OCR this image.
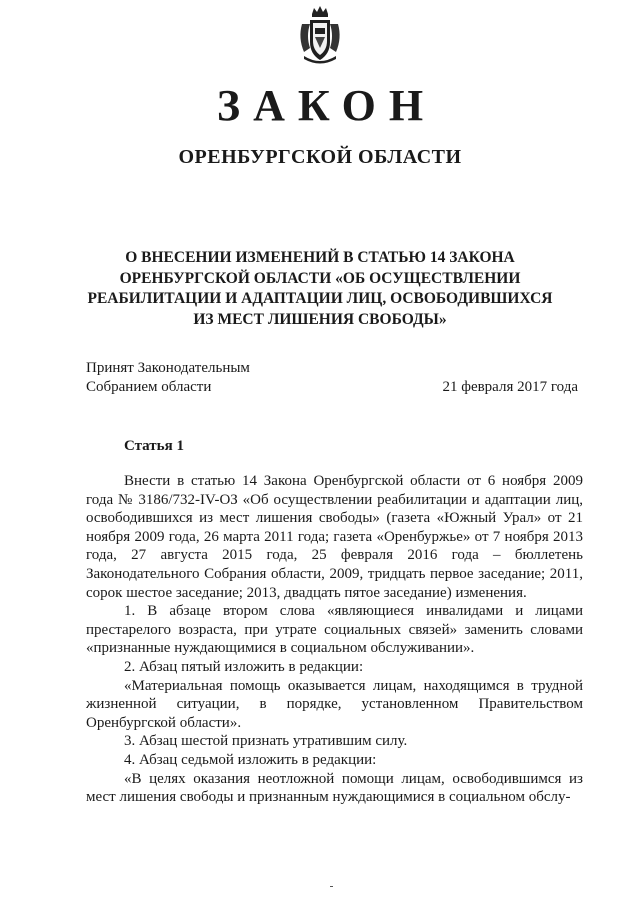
ЗАКОН
ОРЕНБУРГСКОЙ ОБЛАСТИ
О ВНЕСЕНИИ ИЗМЕНЕНИЙ В СТАТЬЮ 14 ЗАКОНА
ОРЕНБУРГСКОЙ ОБЛАСТИ «ОБ ОСУЩЕСТВЛЕНИИ
РЕАБИЛИТАЦИИ И АДАПТАЦИИ ЛИЦ, ОСВОБОДИВШИХСЯ
ИЗ МЕСТ ЛИШЕНИЯ СВОБОДЫ»
Принят Законодательным
Собранием области	21 февраля 2017 года
Статья 1

Внести в статью 14 Закона Оренбургской области от 6 ноября 2009 года № 3186/732-IV-ОЗ «Об осуществлении реабилитации и адаптации лиц, освободившихся из мест лишения свободы» (газета «Южный Урал» от 21 ноября 2009 года, 26 марта 2011 года; газета «Оренбуржье» от 7 ноября 2013 года, 27 августа 2015 года, 25 февраля 2016 года – бюллетень Законодательного Собрания области, 2009, тридцать первое заседание; 2011, сорок шестое заседание; 2013, двадцать пятое заседание) изменения.

1. В абзаце втором слова «являющиеся инвалидами и лицами престарелого возраста, при утрате социальных связей» заменить словами «признанные нуждающимися в социальном обслуживании».

2. Абзац пятый изложить в редакции:

«Материальная помощь оказывается лицам, находящимся в трудной жизненной ситуации, в порядке, установленном Правительством Оренбургской области».

3. Абзац шестой признать утратившим силу.

4. Абзац седьмой изложить в редакции:

«В целях оказания неотложной помощи лицам, освободившимся из мест лишения свободы и признанным нуждающимися в социальном обслу-
